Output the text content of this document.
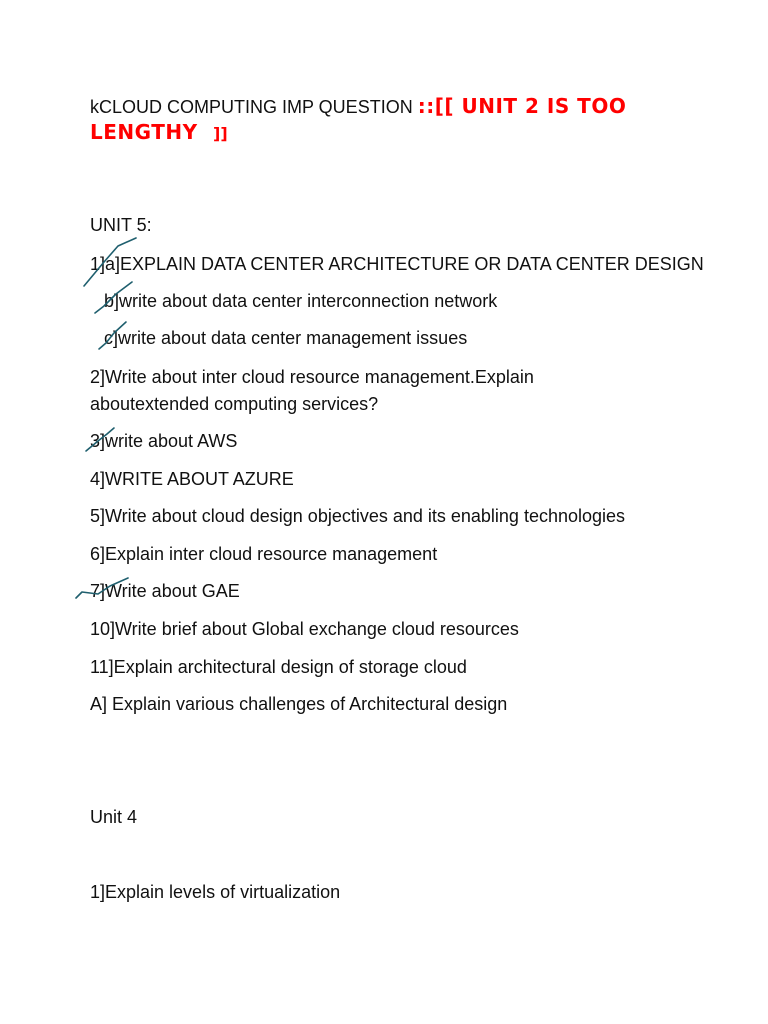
kCLOUD COMPUTING IMP QUESTION ::[[ UNIT 2 IS TOO
LENGTHY ]]
UNIT 5:
1]a]EXPLAIN DATA CENTER ARCHITECTURE OR DATA CENTER DESIGN
b]write about data center interconnection network
c]write about data center management issues
2]Write about inter cloud resource management.Explain
aboutextended computing services?
3]write about AWS
4]WRITE ABOUT AZURE
5]Write about cloud design objectives and its enabling technologies
6]Explain inter cloud resource management
7]Write about GAE
10]Write brief about Global exchange cloud resources
11]Explain architectural design of storage cloud
A] Explain various challenges of Architectural design
Unit 4
1]Explain levels of virtualization
